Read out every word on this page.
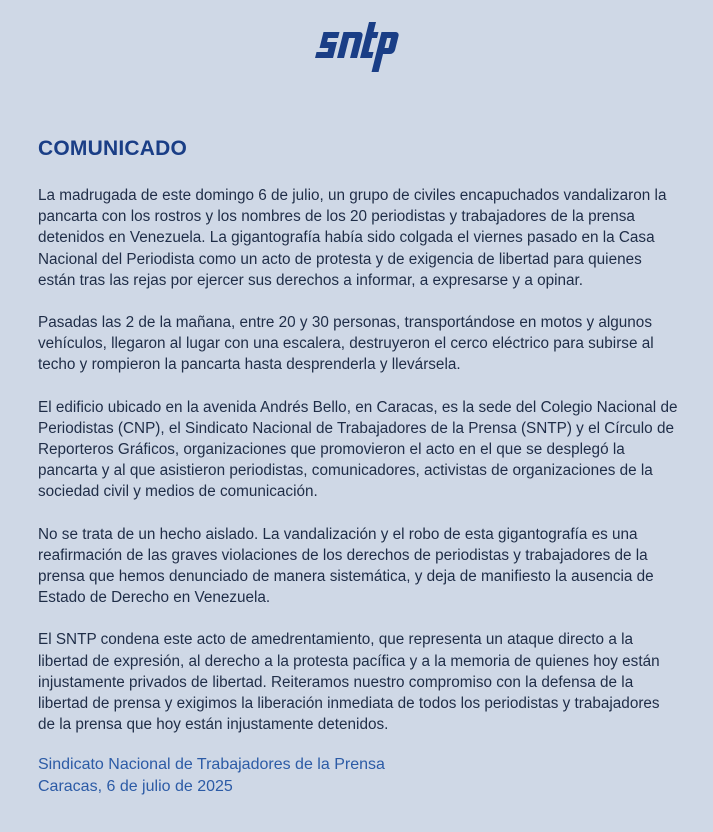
COMUNICADO

La madrugada de este domingo 6 de julio, un grupo de civiles encapuchados vandalizaron la pancarta con los rostros y los nombres de los 20 periodistas y trabajadores de la prensa detenidos en Venezuela. La gigantografía había sido colgada el viernes pasado en la Casa Nacional del Periodista como un acto de protesta y de exigencia de libertad para quienes están tras las rejas por ejercer sus derechos a informar, a expresarse y a opinar.

Pasadas las 2 de la mañana, entre 20 y 30 personas, transportándose en motos y algunos vehículos, llegaron al lugar con una escalera, destruyeron el cerco eléctrico para subirse al techo y rompieron la pancarta hasta desprenderla y llevársela.

El edificio ubicado en la avenida Andrés Bello, en Caracas, es la sede del Colegio Nacional de Periodistas (CNP), el Sindicato Nacional de Trabajadores de la Prensa (SNTP) y el Círculo de Reporteros Gráficos, organizaciones que promovieron el acto en el que se desplegó la pancarta y al que asistieron periodistas, comunicadores, activistas de organizaciones de la sociedad civil y medios de comunicación.

No se trata de un hecho aislado. La vandalización y el robo de esta gigantografía es una reafirmación de las graves violaciones de los derechos de periodistas y trabajadores de la prensa que hemos denunciado de manera sistemática, y deja de manifiesto la ausencia de Estado de Derecho en Venezuela.

El SNTP condena este acto de amedrentamiento, que representa un ataque directo a la libertad de expresión, al derecho a la protesta pacífica y a la memoria de quienes hoy están injustamente privados de libertad. Reiteramos nuestro compromiso con la defensa de la libertad de prensa y exigimos la liberación inmediata de todos los periodistas y trabajadores de la prensa que hoy están injustamente detenidos.

Sindicato Nacional de Trabajadores de la Prensa

Caracas, 6 de julio de 2025
